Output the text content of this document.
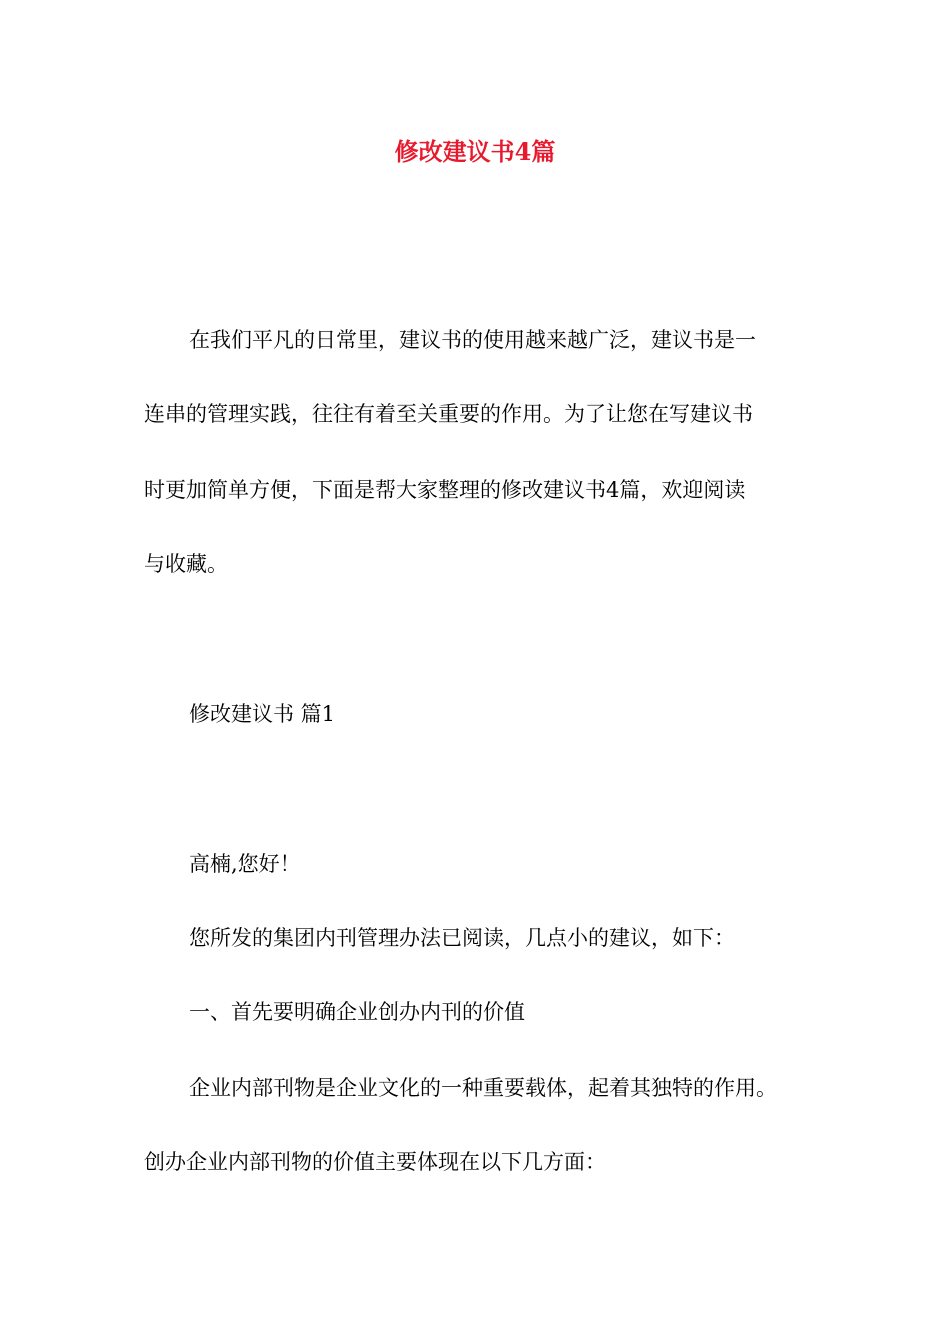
修改建议书4篇

在我们平凡的日常里，建议书的使用越来越广泛，建议书是一

连串的管理实践，往往有着至关重要的作用。为了让您在写建议书

时更加简单方便，下面是帮大家整理的修改建议书4篇，欢迎阅读

与收藏。

修改建议书 篇1

高楠,您好！

您所发的集团内刊管理办法已阅读，几点小的建议，如下：

一、首先要明确企业创办内刊的价值

企业内部刊物是企业文化的一种重要载体，起着其独特的作用。

创办企业内部刊物的价值主要体现在以下几方面：
